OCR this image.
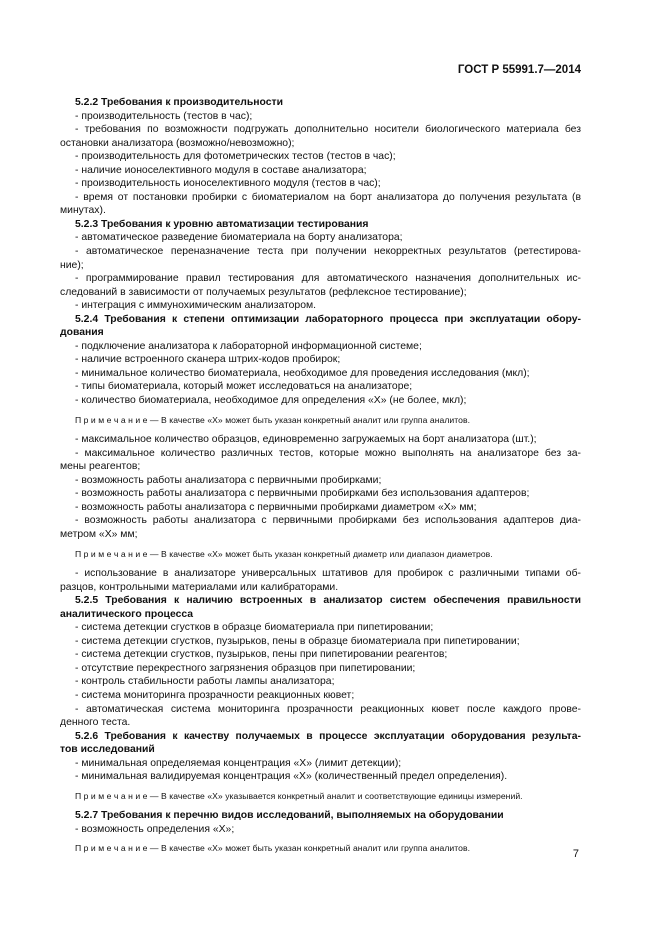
ГОСТ Р 55991.7—2014

5.2.2 Требования к производительности

- производительность (тестов в час);

- требования по возможности подгружать дополнительно носители биологического материала без

остановки анализатора (возможно/невозможно);

- производительность для фотометрических тестов (тестов в час);

- наличие ионоселективного модуля в составе анализатора;

- производительность ионоселективного модуля (тестов в час);

- время от постановки пробирки с биоматериалом на борт анализатора до получения результата (в

минутах).

5.2.3 Требования к уровню автоматизации тестирования

- автоматическое разведение биоматериала на борту анализатора;

- автоматическое переназначение теста при получении некорректных результатов (ретестирова-

ние);

- программирование правил тестирования для автоматического назначения дополнительных ис-

следований в зависимости от получаемых результатов (рефлексное тестирование);

- интеграция с иммунохимическим анализатором.

5.2.4 Требования к степени оптимизации лабораторного процесса при эксплуатации обору-

дования

- подключение анализатора к лабораторной информационной системе;

- наличие встроенного сканера штрих-кодов пробирок;

- минимальное количество биоматериала, необходимое для проведения исследования (мкл);

- типы биоматериала, который может исследоваться на анализаторе;

- количество биоматериала, необходимое для определения «Х» (не более, мкл);

П р и м е ч а н и е — В качестве «Х» может быть указан конкретный аналит или группа аналитов.

- максимальное количество образцов, единовременно загружаемых на борт анализатора (шт.);

- максимальное количество различных тестов, которые можно выполнять на анализаторе без за-

мены реагентов;

- возможность работы анализатора с первичными пробирками;

- возможность работы анализатора с первичными пробирками без использования адаптеров;

- возможность работы анализатора с первичными пробирками диаметром «Х» мм;

- возможность работы анализатора с первичными пробирками без использования адаптеров диа-

метром «Х» мм;

П р и м е ч а н и е — В качестве «Х» может быть указан конкретный диаметр или диапазон диаметров.

- использование в анализаторе универсальных штативов для пробирок с различными типами об-

разцов, контрольными материалами или калибраторами.

5.2.5 Требования к наличию встроенных в анализатор систем обеспечения правильности

аналитического процесса

- система детекции сгустков в образце биоматериала при пипетировании;

- система детекции сгустков, пузырьков, пены в образце биоматериала при пипетировании;

- система детекции сгустков, пузырьков, пены при пипетировании реагентов;

- отсутствие перекрестного загрязнения образцов при пипетировании;

- контроль стабильности работы лампы анализатора;

- система мониторинга прозрачности реакционных кювет;

- автоматическая система мониторинга прозрачности реакционных кювет после каждого прове-

денного теста.

5.2.6 Требования к качеству получаемых в процессе эксплуатации оборудования результа-

тов исследований

- минимальная определяемая концентрация «Х» (лимит детекции);

- минимальная валидируемая концентрация «Х» (количественный предел определения).

П р и м е ч а н и е — В качестве «Х» указывается конкретный аналит и соответствующие единицы измерений.

5.2.7 Требования к перечню видов исследований, выполняемых на оборудовании

- возможность определения «Х»;

П р и м е ч а н и е — В качестве «Х» может быть указан конкретный аналит или группа аналитов.	7
